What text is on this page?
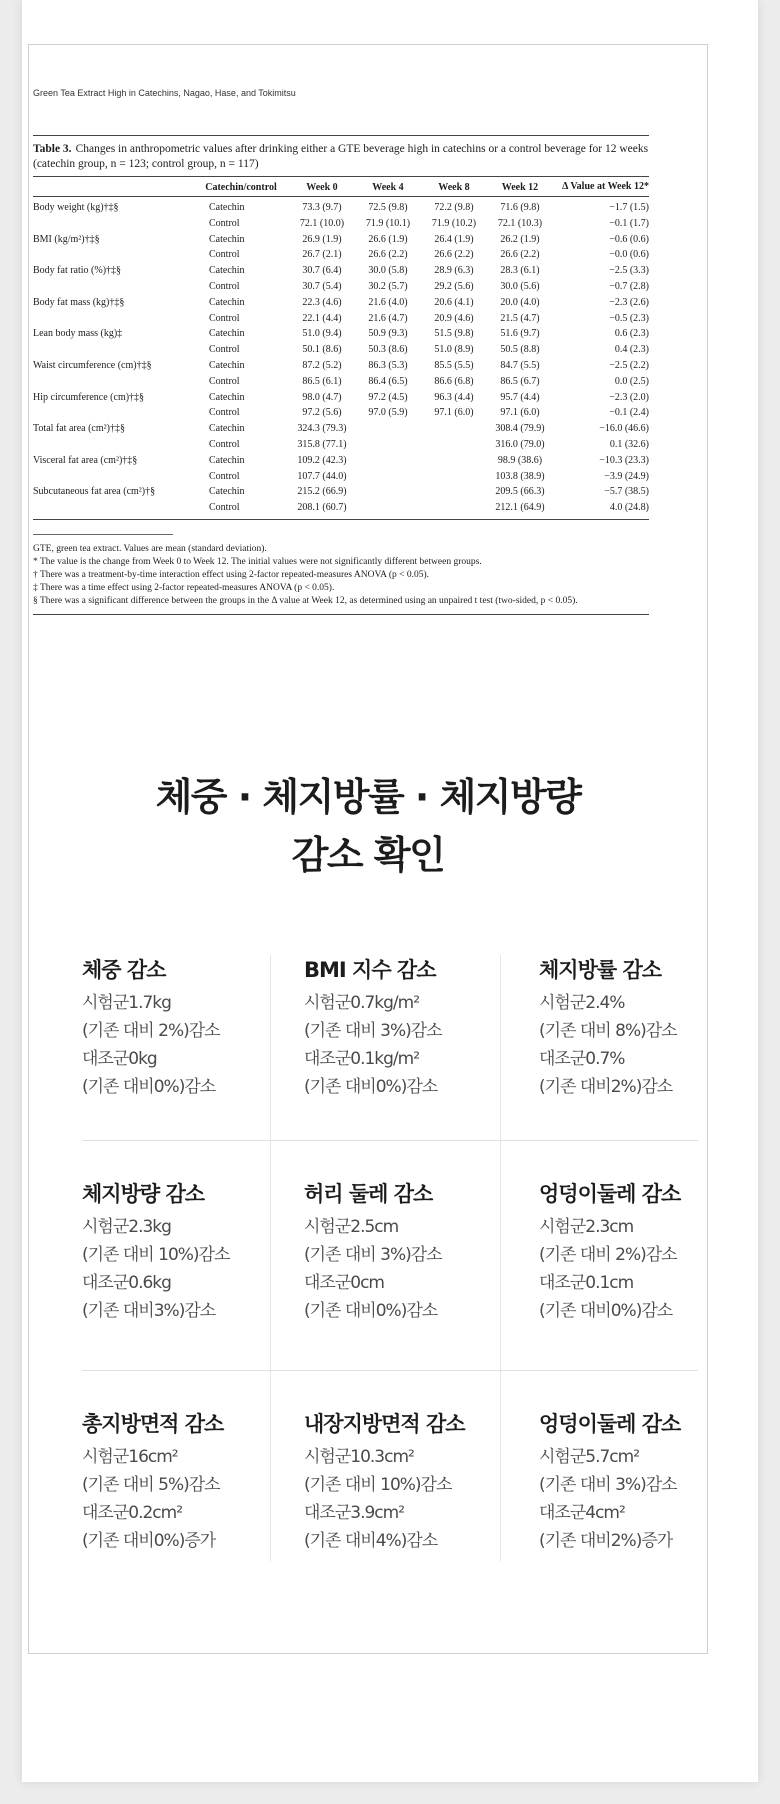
Green Tea Extract High in Catechins, Nagao, Hase, and Tokimitsu
Table 3. Changes in anthropometric values after drinking either a GTE beverage high in catechins or a control beverage for 12 weeks (catechin group, n = 123; control group, n = 117)

	Catechin/control	Week 0	Week 4	Week 8	Week 12	Δ Value at Week 12*
Body weight (kg)†‡§	Catechin	73.3 (9.7)	72.5 (9.8)	72.2 (9.8)	71.6 (9.8)	−1.7 (1.5)
	Control	72.1 (10.0)	71.9 (10.1)	71.9 (10.2)	72.1 (10.3)	−0.1 (1.7)
BMI (kg/m²)†‡§	Catechin	26.9 (1.9)	26.6 (1.9)	26.4 (1.9)	26.2 (1.9)	−0.6 (0.6)
	Control	26.7 (2.1)	26.6 (2.2)	26.6 (2.2)	26.6 (2.2)	−0.0 (0.6)
Body fat ratio (%)†‡§	Catechin	30.7 (6.4)	30.0 (5.8)	28.9 (6.3)	28.3 (6.1)	−2.5 (3.3)
	Control	30.7 (5.4)	30.2 (5.7)	29.2 (5.6)	30.0 (5.6)	−0.7 (2.8)
Body fat mass (kg)†‡§	Catechin	22.3 (4.6)	21.6 (4.0)	20.6 (4.1)	20.0 (4.0)	−2.3 (2.6)
	Control	22.1 (4.4)	21.6 (4.7)	20.9 (4.6)	21.5 (4.7)	−0.5 (2.3)
Lean body mass (kg)‡	Catechin	51.0 (9.4)	50.9 (9.3)	51.5 (9.8)	51.6 (9.7)	0.6 (2.3)
	Control	50.1 (8.6)	50.3 (8.6)	51.0 (8.9)	50.5 (8.8)	0.4 (2.3)
Waist circumference (cm)†‡§	Catechin	87.2 (5.2)	86.3 (5.3)	85.5 (5.5)	84.7 (5.5)	−2.5 (2.2)
	Control	86.5 (6.1)	86.4 (6.5)	86.6 (6.8)	86.5 (6.7)	0.0 (2.5)
Hip circumference (cm)†‡§	Catechin	98.0 (4.7)	97.2 (4.5)	96.3 (4.4)	95.7 (4.4)	−2.3 (2.0)
	Control	97.2 (5.6)	97.0 (5.9)	97.1 (6.0)	97.1 (6.0)	−0.1 (2.4)
Total fat area (cm²)†‡§	Catechin	324.3 (79.3)			308.4 (79.9)	−16.0 (46.6)
	Control	315.8 (77.1)			316.0 (79.0)	0.1 (32.6)
Visceral fat area (cm²)†‡§	Catechin	109.2 (42.3)			98.9 (38.6)	−10.3 (23.3)
	Control	107.7 (44.0)			103.8 (38.9)	−3.9 (24.9)
Subcutaneous fat area (cm²)†§	Catechin	215.2 (66.9)			209.5 (66.3)	−5.7 (38.5)
	Control	208.1 (60.7)			212.1 (64.9)	4.0 (24.8)
GTE, green tea extract. Values are mean (standard deviation).
* The value is the change from Week 0 to Week 12. The initial values were not significantly different between groups.
† There was a treatment-by-time interaction effect using 2-factor repeated-measures ANOVA (p < 0.05).
‡ There was a time effect using 2-factor repeated-measures ANOVA (p < 0.05).
§ There was a significant difference between the groups in the Δ value at Week 12, as determined using an unpaired t test (two-sided, p < 0.05).
체중 · 체지방률 · 체지방량
감소 확인
체중 감소
시험군1.7kg
(기존 대비 2%)감소
대조군0kg
(기존 대비0%)감소
BMI 지수 감소
시험군0.7kg/m²
(기존 대비 3%)감소
대조군0.1kg/m²
(기존 대비0%)감소
체지방률 감소
시험군2.4%
(기존 대비 8%)감소
대조군0.7%
(기존 대비2%)감소
체지방량 감소
시험군2.3kg
(기존 대비 10%)감소
대조군0.6kg
(기존 대비3%)감소
허리 둘레 감소
시험군2.5cm
(기존 대비 3%)감소
대조군0cm
(기존 대비0%)감소
엉덩이둘레 감소
시험군2.3cm
(기존 대비 2%)감소
대조군0.1cm
(기존 대비0%)감소
총지방면적 감소
시험군16cm²
(기존 대비 5%)감소
대조군0.2cm²
(기존 대비0%)증가
내장지방면적 감소
시험군10.3cm²
(기존 대비 10%)감소
대조군3.9cm²
(기존 대비4%)감소
엉덩이둘레 감소
시험군5.7cm²
(기존 대비 3%)감소
대조군4cm²
(기존 대비2%)증가
